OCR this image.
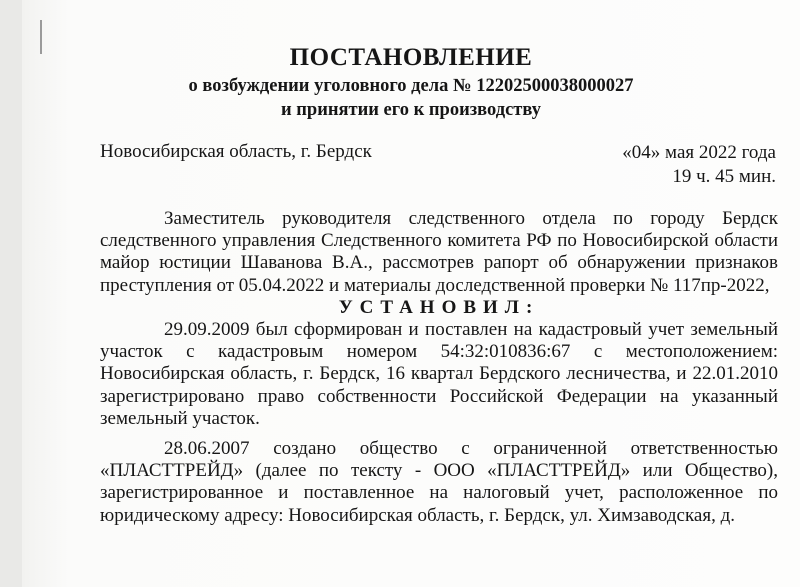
ПОСТАНОВЛЕНИЕ
о возбуждении уголовного дела № 12202500038000027
и принятии его к производству
Новосибирская область, г. Бердск	«04» мая 2022 года
19 ч. 45 мин.

Заместитель руководителя следственного отдела по городу Бердск следственного управления Следственного комитета РФ по Новосибирской области майор юстиции Шаванова В.А., рассмотрев рапорт об обнаружении признаков преступления от 05.04.2022 и материалы доследственной проверки № 117пр-2022,

УСТАНОВИЛ:

29.09.2009 был сформирован и поставлен на кадастровый учет земельный участок с кадастровым номером 54:32:010836:67 с местоположением: Новосибирская область, г. Бердск, 16 квартал Бердского лесничества, и 22.01.2010 зарегистрировано право собственности Российской Федерации на указанный земельный участок.

28.06.2007 создано общество с ограниченной ответственностью «ПЛАСТТРЕЙД» (далее по тексту - ООО «ПЛАСТТРЕЙД» или Общество), зарегистрированное и поставленное на налоговый учет, расположенное по юридическому адресу: Новосибирская область, г. Бердск, ул. Химзаводская, д.
